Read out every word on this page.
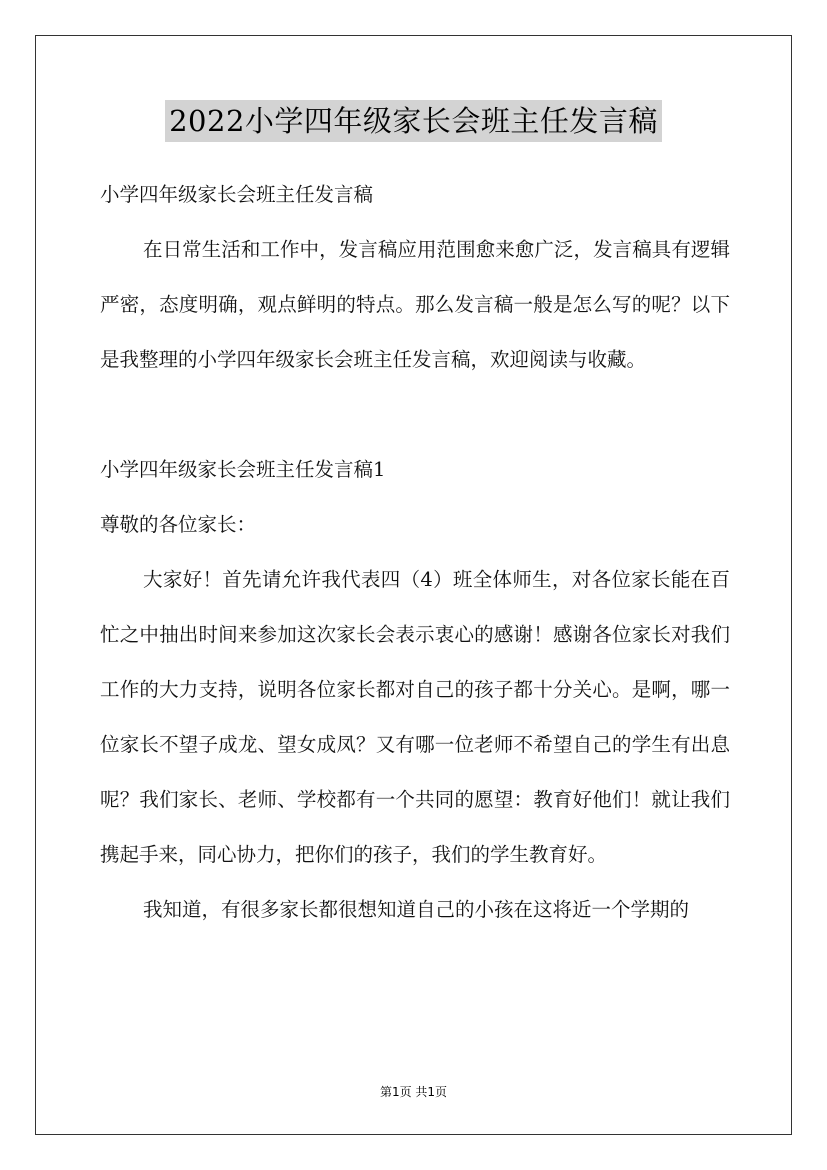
2022小学四年级家长会班主任发言稿

小学四年级家长会班主任发言稿

在日常生活和工作中，发言稿应用范围愈来愈广泛，发言稿具有逻辑严密，态度明确，观点鲜明的特点。那么发言稿一般是怎么写的呢？以下是我整理的小学四年级家长会班主任发言稿，欢迎阅读与收藏。

小学四年级家长会班主任发言稿1

尊敬的各位家长：

大家好！首先请允许我代表四（4）班全体师生，对各位家长能在百忙之中抽出时间来参加这次家长会表示衷心的感谢！感谢各位家长对我们工作的大力支持，说明各位家长都对自己的孩子都十分关心。是啊，哪一位家长不望子成龙、望女成凤？又有哪一位老师不希望自己的学生有出息呢？我们家长、老师、学校都有一个共同的愿望：教育好他们！就让我们携起手来，同心协力，把你们的孩子，我们的学生教育好。

我知道，有很多家长都很想知道自己的小孩在这将近一个学期的

第1页 共1页
